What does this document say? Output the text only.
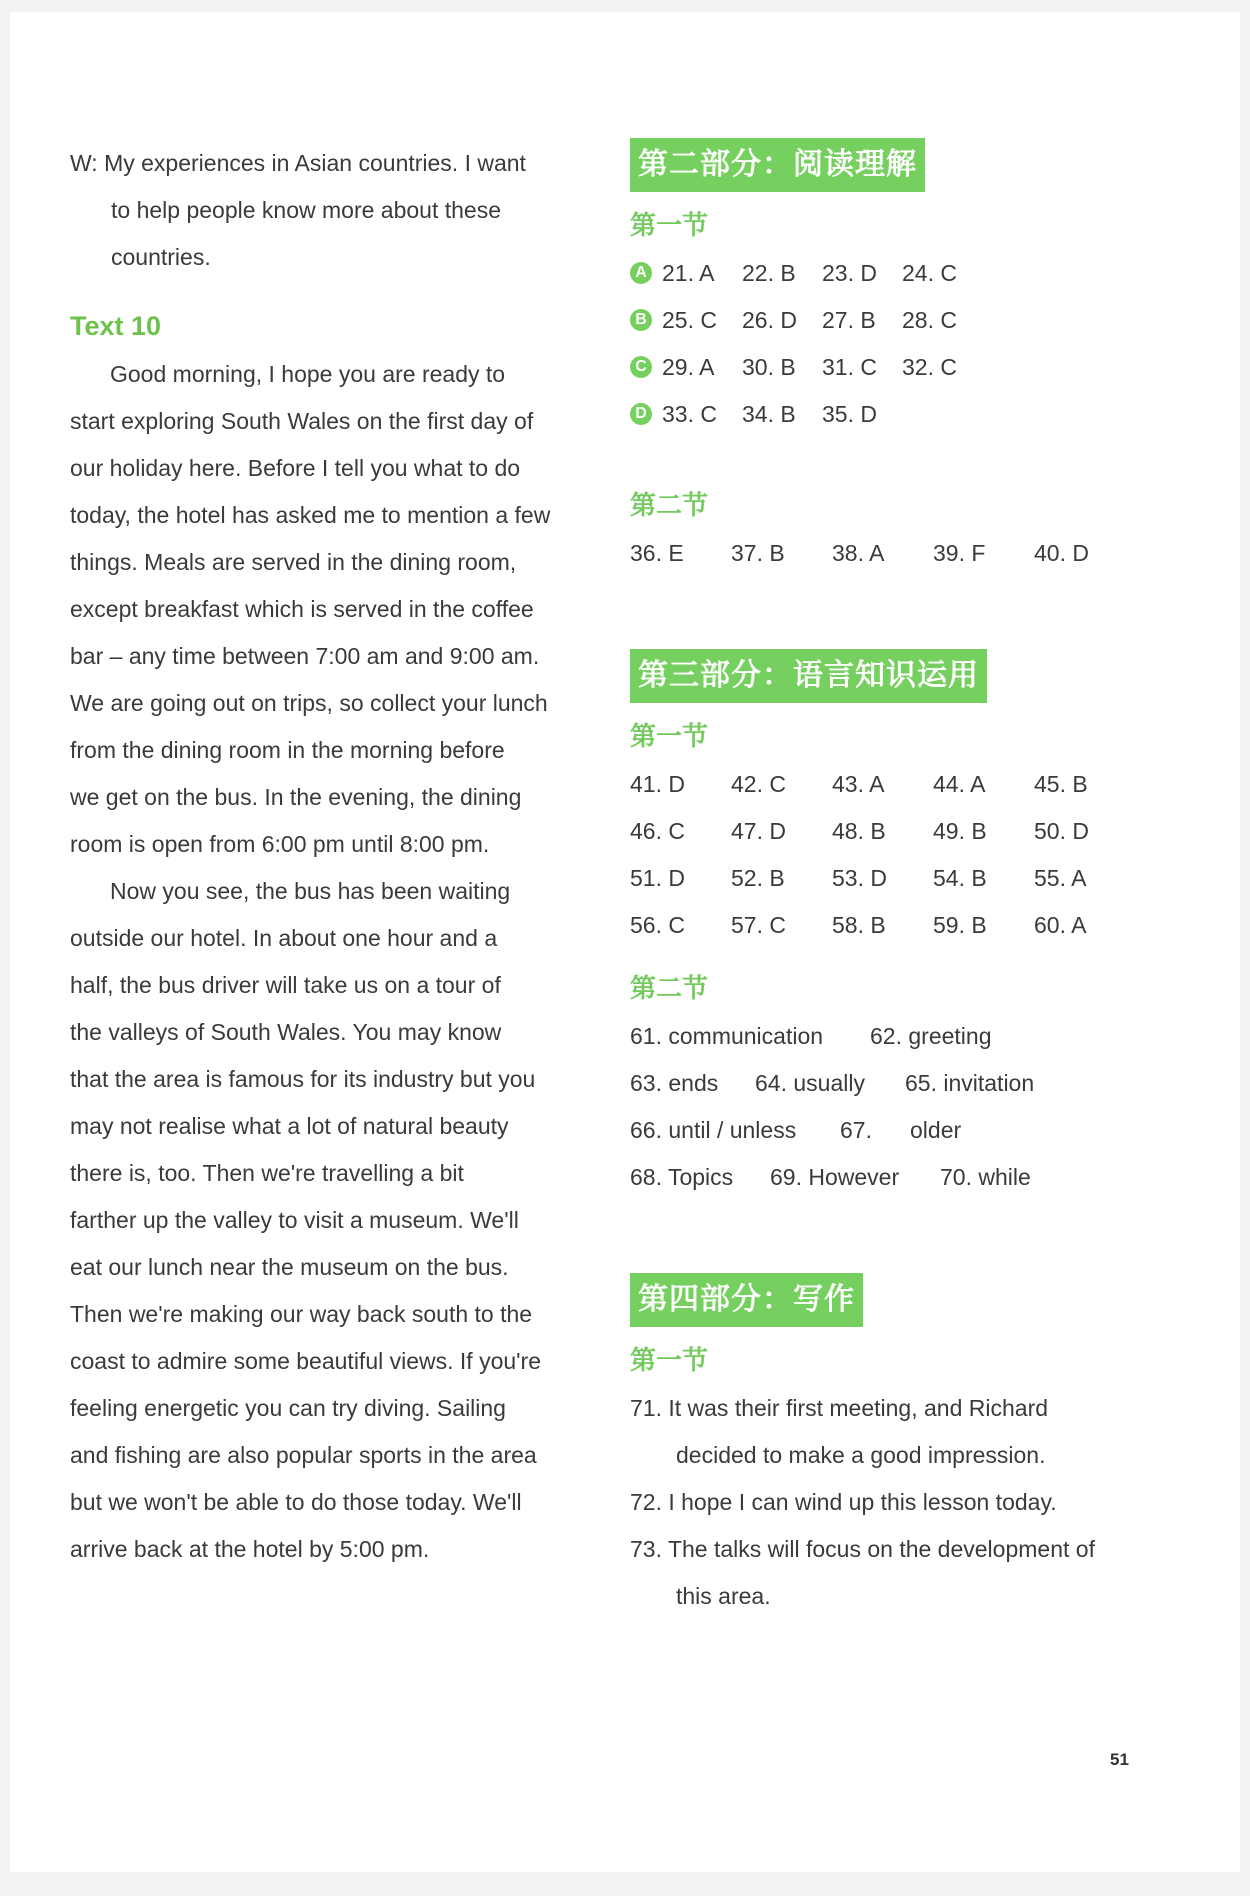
W: My experiences in Asian countries. I want
to help people know more about these
countries.
Text 10
Good morning, I hope you are ready to
start exploring South Wales on the first day of
our holiday here. Before I tell you what to do
today, the hotel has asked me to mention a few
things. Meals are served in the dining room,
except breakfast which is served in the coffee
bar – any time between 7:00 am and 9:00 am.
We are going out on trips, so collect your lunch
from the dining room in the morning before
we get on the bus. In the evening, the dining
room is open from 6:00 pm until 8:00 pm.
Now you see, the bus has been waiting
outside our hotel. In about one hour and a
half, the bus driver will take us on a tour of
the valleys of South Wales. You may know
that the area is famous for its industry but you
may not realise what a lot of natural beauty
there is, too. Then we're travelling a bit
farther up the valley to visit a museum. We'll
eat our lunch near the museum on the bus.
Then we're making our way back south to the
coast to admire some beautiful views. If you're
feeling energetic you can try diving. Sailing
and fishing are also popular sports in the area
but we won't be able to do those today. We'll
arrive back at the hotel by 5:00 pm.
第二部分：阅读理解
第一节
A 21. A 22. B 23. D 24. C
B 25. C 26. D 27. B 28. C
C 29. A 30. B 31. C 32. C
D 33. C 34. B 35. D
第二节
36. E 37. B 38. A 39. F 40. D
第三部分：语言知识运用
第一节
41. D 42. C 43. A 44. A 45. B
46. C 47. D 48. B 49. B 50. D
51. D 52. B 53. D 54. B 55. A
56. C 57. C 58. B 59. B 60. A
第二节
61. communication 62. greeting
63. ends 64. usually 65. invitation
66. until / unless 67. older
68. Topics 69. However 70. while
第四部分：写作
第一节
71. It was their first meeting, and Richard
decided to make a good impression.
72. I hope I can wind up this lesson today.
73. The talks will focus on the development of
this area.
51
